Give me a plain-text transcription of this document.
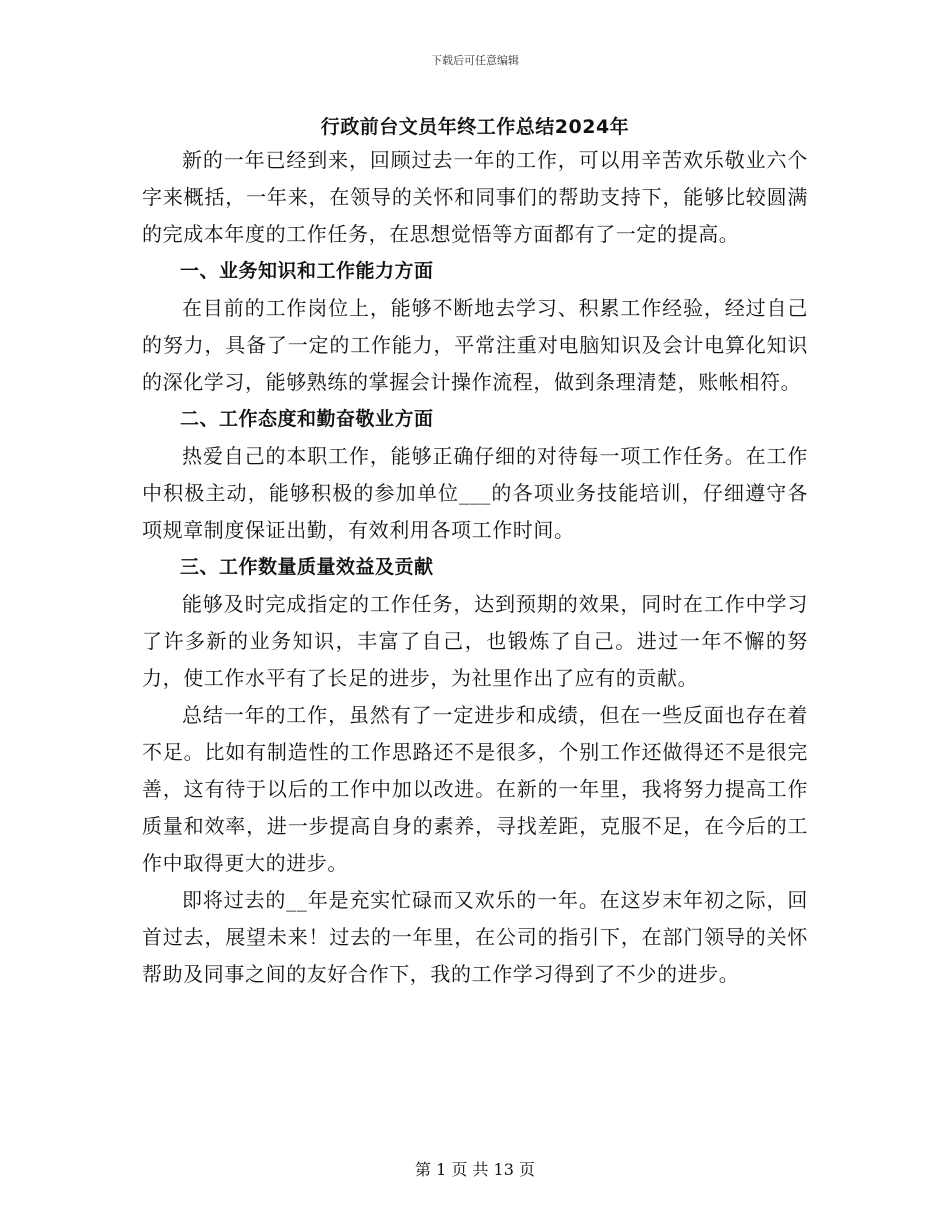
下载后可任意编辑
行政前台文员年终工作总结2024年

新的一年已经到来，回顾过去一年的工作，可以用辛苦欢乐敬业六个字来概括，一年来，在领导的关怀和同事们的帮助支持下，能够比较圆满的完成本年度的工作任务，在思想觉悟等方面都有了一定的提高。

一、业务知识和工作能力方面

在目前的工作岗位上，能够不断地去学习、积累工作经验，经过自己的努力，具备了一定的工作能力，平常注重对电脑知识及会计电算化知识的深化学习，能够熟练的掌握会计操作流程，做到条理清楚，账帐相符。

二、工作态度和勤奋敬业方面

热爱自己的本职工作，能够正确仔细的对待每一项工作任务。在工作中积极主动，能够积极的参加单位___的各项业务技能培训，仔细遵守各项规章制度保证出勤，有效利用各项工作时间。

三、工作数量质量效益及贡献

能够及时完成指定的工作任务，达到预期的效果，同时在工作中学习了许多新的业务知识，丰富了自己，也锻炼了自己。进过一年不懈的努力，使工作水平有了长足的进步，为社里作出了应有的贡献。

总结一年的工作，虽然有了一定进步和成绩，但在一些反面也存在着不足。比如有制造性的工作思路还不是很多，个别工作还做得还不是很完善，这有待于以后的工作中加以改进。在新的一年里，我将努力提高工作质量和效率，进一步提高自身的素养，寻找差距，克服不足，在今后的工作中取得更大的进步。

即将过去的__年是充实忙碌而又欢乐的一年。在这岁末年初之际，回首过去，展望未来！过去的一年里，在公司的指引下，在部门领导的关怀帮助及同事之间的友好合作下，我的工作学习得到了不少的进步。

第 1 页 共 13 页
